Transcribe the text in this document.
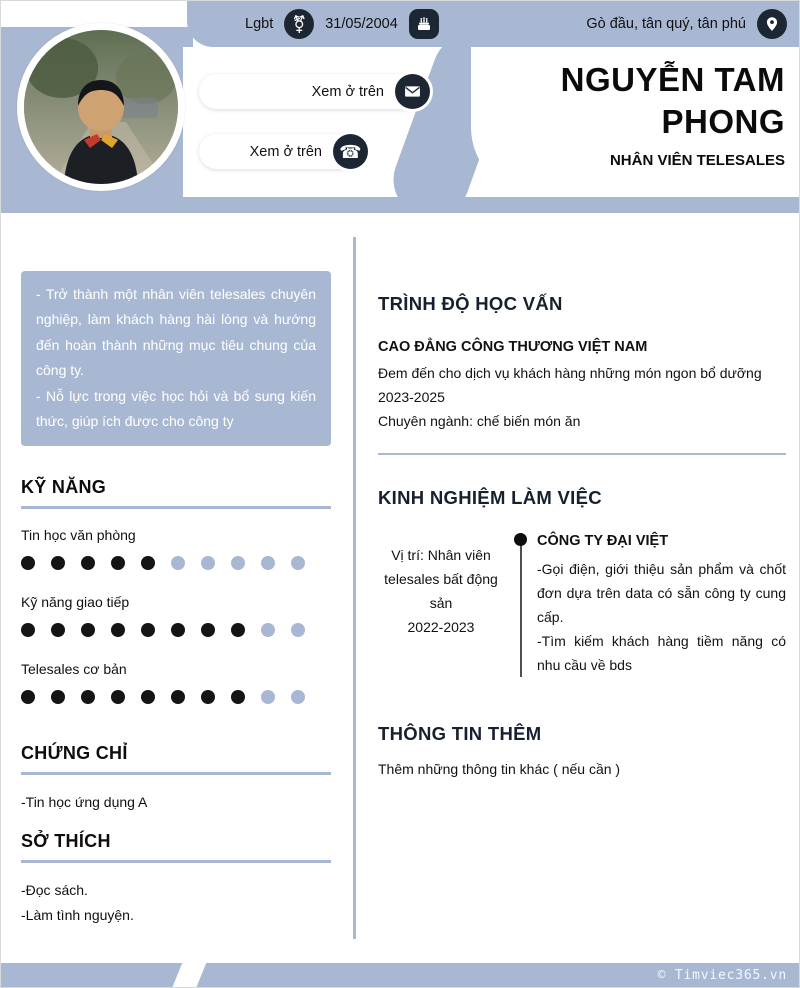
Lgbt	⚧	31/05/2004	Gò đầu, tân quý, tân phú
Xem ở trên
Xem ở trên ☎
NGUYỄN TAM PHONG
NHÂN VIÊN TELESALES

- Trở thành một nhân viên telesales chuyên nghiệp, làm khách hàng hài lòng và hướng đến hoàn thành những mục tiêu chung của công ty.

- Nỗ lực trong việc học hỏi và bổ sung kiến thức, giúp ích được cho công ty

KỸ NĂNG
Tin học văn phòng
Kỹ năng giao tiếp
Telesales cơ bản
CHỨNG CHỈ

-Tin học ứng dụng A

SỞ THÍCH

-Đọc sách.

-Làm tình nguyện.

TRÌNH ĐỘ HỌC VẤN
CAO ĐẲNG CÔNG THƯƠNG VIỆT NAM
Đem đến cho dịch vụ khách hàng những món ngon bổ dưỡng
2023-2025
Chuyên ngành: chế biến món ăn
KINH NGHIỆM LÀM VIỆC
Vị trí: Nhân viên telesales bất động sản
2022-2023
CÔNG TY ĐẠI VIỆT

-Gọi điện, giới thiệu sản phẩm và chốt đơn dựa trên data có sẵn công ty cung cấp.

-Tìm kiếm khách hàng tiềm năng có nhu cầu về bds

THÔNG TIN THÊM
Thêm những thông tin khác ( nếu cần )
© Timviec365.vn
